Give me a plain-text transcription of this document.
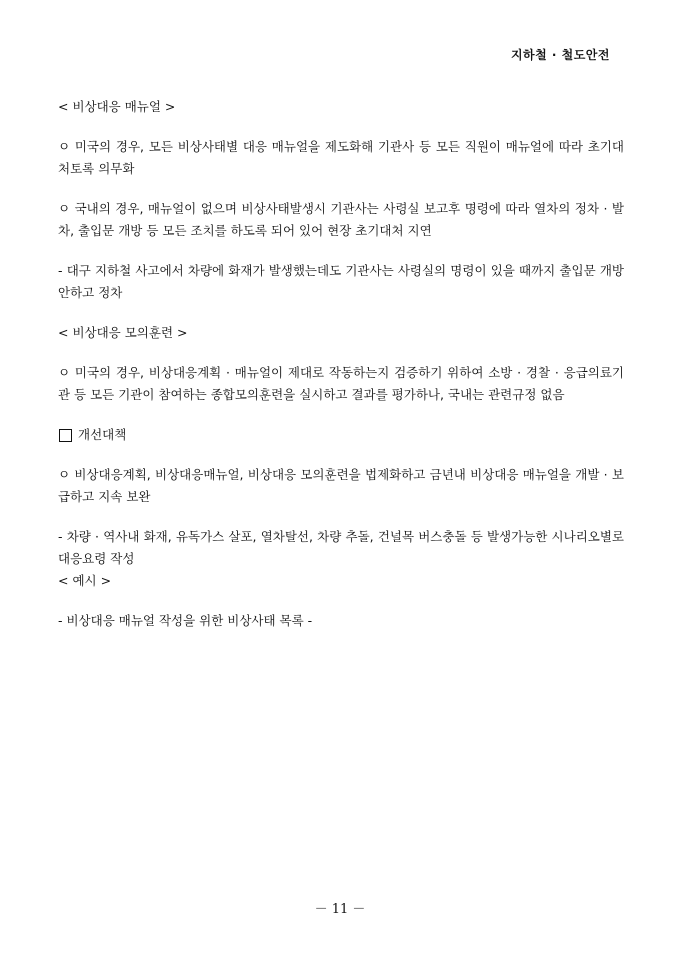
지하철 · 철도안전

< 비상대응 매뉴얼 >

ㅇ 미국의 경우, 모든 비상사태별 대응 매뉴얼을 제도화해 기관사 등 모든 직원이 매뉴얼에 따라 초기대처토록 의무화

ㅇ 국내의 경우, 매뉴얼이 없으며 비상사태발생시 기관사는 사령실 보고후 명령에 따라 열차의 정차 · 발차, 출입문 개방 등 모든 조치를 하도록 되어 있어 현장 초기대처 지연

- 대구 지하철 사고에서 차량에 화재가 발생했는데도 기관사는 사령실의 명령이 있을 때까지 출입문 개방 안하고 정차

< 비상대응 모의훈련 >

ㅇ 미국의 경우, 비상대응계획 · 매뉴얼이 제대로 작동하는지 검증하기 위하여 소방 · 경찰 · 응급의료기관 등 모든 기관이 참여하는 종합모의훈련을 실시하고 결과를 평가하나, 국내는 관련규정 없음

개선대책

ㅇ 비상대응계획, 비상대응매뉴얼, 비상대응 모의훈련을 법제화하고 금년내 비상대응 매뉴얼을 개발 · 보급하고 지속 보완

- 차량 · 역사내 화재, 유독가스 살포, 열차탈선, 차량 추돌, 건널목 버스충돌 등 발생가능한 시나리오별로 대응요령 작성

< 예시 >

- 비상대응 매뉴얼 작성을 위한 비상사태 목록 -

－ 11 －
